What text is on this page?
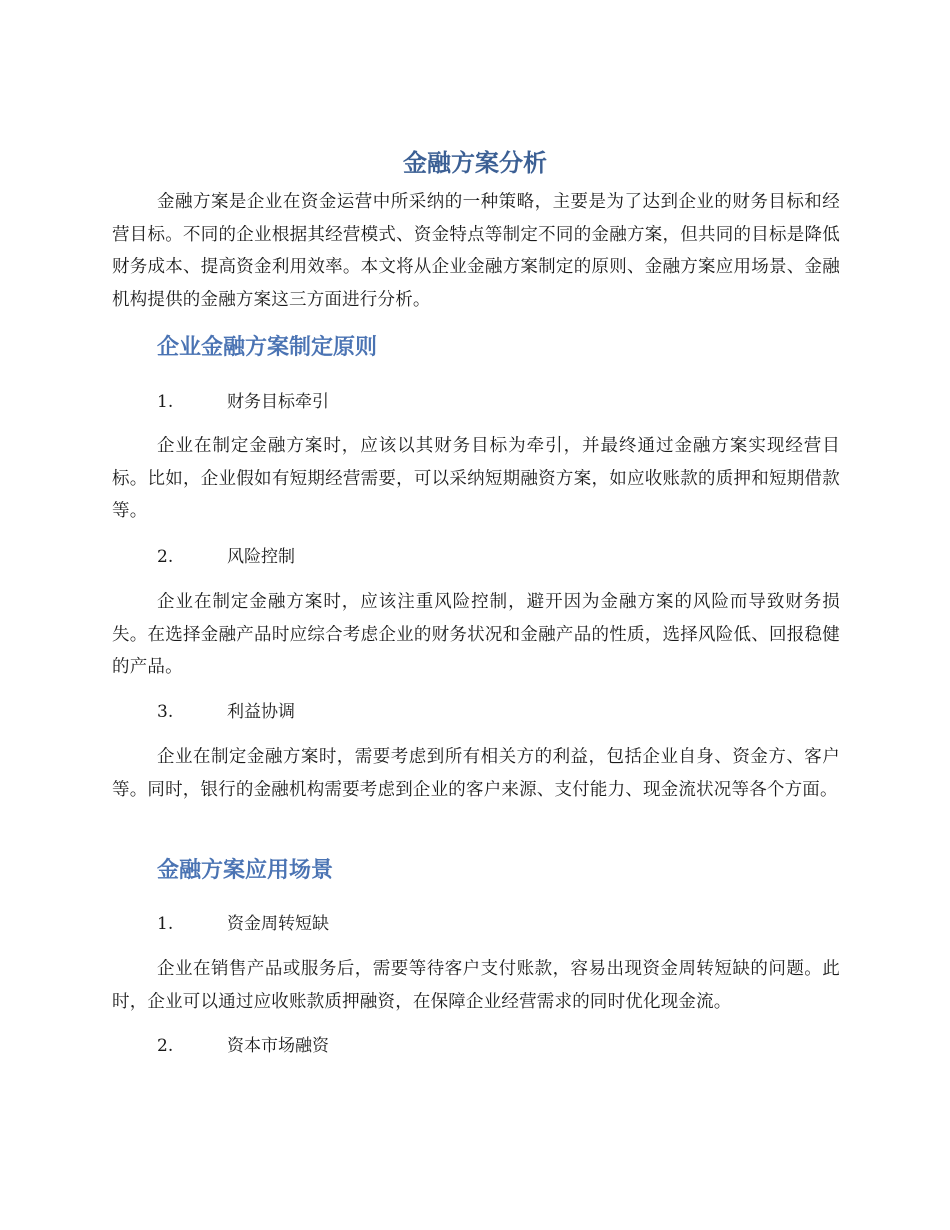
金融方案分析

金融方案是企业在资金运营中所采纳的一种策略，主要是为了达到企业的财务目标和经营目标。不同的企业根据其经营模式、资金特点等制定不同的金融方案，但共同的目标是降低财务成本、提高资金利用效率。本文将从企业金融方案制定的原则、金融方案应用场景、金融机构提供的金融方案这三方面进行分析。

企业金融方案制定原则

1.	财务目标牵引

企业在制定金融方案时，应该以其财务目标为牵引，并最终通过金融方案实现经营目标。比如，企业假如有短期经营需要，可以采纳短期融资方案，如应收账款的质押和短期借款等。

2.	风险控制

企业在制定金融方案时，应该注重风险控制，避开因为金融方案的风险而导致财务损失。在选择金融产品时应综合考虑企业的财务状况和金融产品的性质，选择风险低、回报稳健的产品。

3.	利益协调

企业在制定金融方案时，需要考虑到所有相关方的利益，包括企业自身、资金方、客户等。同时，银行的金融机构需要考虑到企业的客户来源、支付能力、现金流状况等各个方面。

金融方案应用场景

1.	资金周转短缺

企业在销售产品或服务后，需要等待客户支付账款，容易出现资金周转短缺的问题。此时，企业可以通过应收账款质押融资，在保障企业经营需求的同时优化现金流。

2.	资本市场融资
